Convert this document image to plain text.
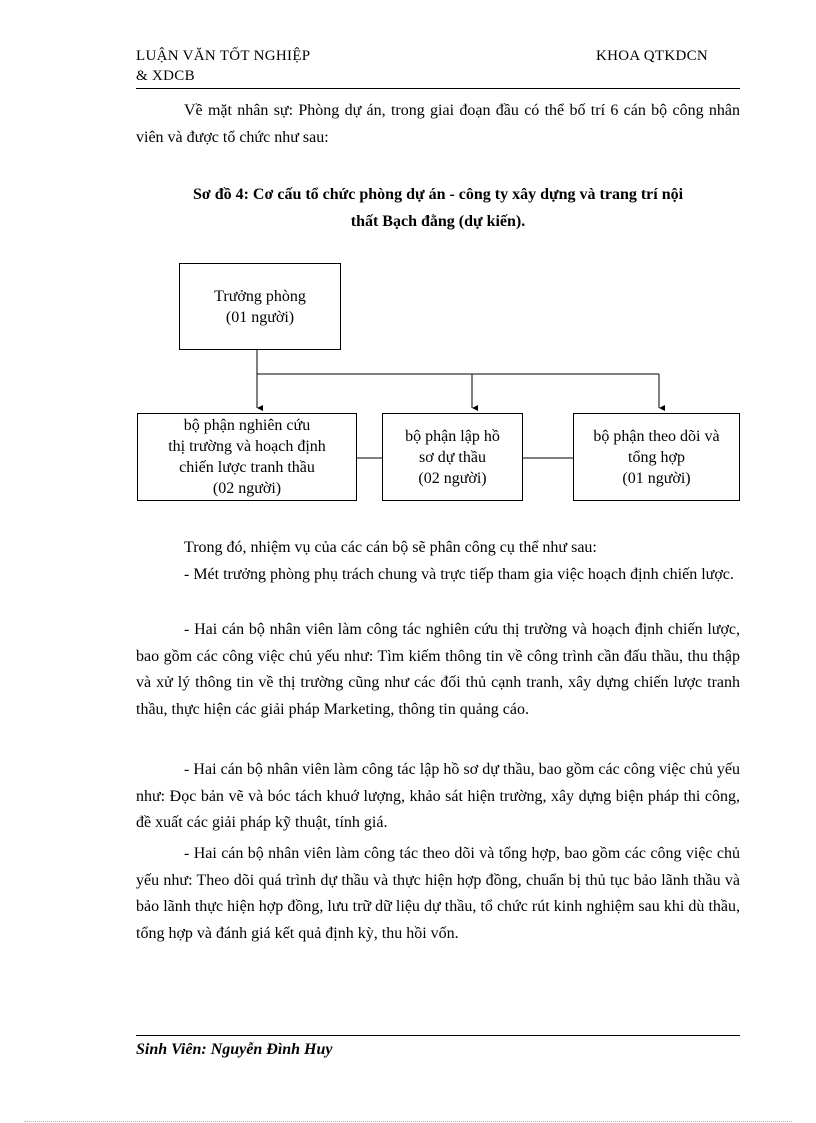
LUẬN VĂN TỐT NGHIỆP
& XDCB
KHOA QTKDCN
Về mặt nhân sự: Phòng dự án, trong giai đoạn đầu có thể bố trí 6 cán bộ công nhân viên và được tổ chức như sau:
Sơ đồ 4: Cơ cấu tổ chức phòng dự án - công ty xây dựng và trang trí nội
thất Bạch đằng (dự kiến).
Trưởng phòng
(01 người)
bộ phận nghiên cứu
thị trường và hoạch định
chiến lược tranh thầu
(02 người)
bộ phận lập hồ
sơ dự thầu
(02 người)
bộ phận theo dõi và
tổng hợp
(01 người)
Trong đó, nhiệm vụ của các cán bộ sẽ phân công cụ thể như sau:
- Mét trưởng phòng phụ trách chung và trực tiếp tham gia việc hoạch định chiến lược.
- Hai cán bộ nhân viên làm công tác nghiên cứu thị trường và hoạch định chiến lược, bao gồm các công việc chủ yếu như: Tìm kiếm thông tin về công trình cần đấu thầu, thu thập và xử lý thông tin về thị trường cũng như các đối thủ cạnh tranh, xây dựng chiến lược tranh thầu, thực hiện các giải pháp Marketing, thông tin quảng cáo.
- Hai cán bộ nhân viên làm công tác lập hồ sơ dự thầu, bao gồm các công việc chủ yếu như: Đọc bản vẽ và bóc tách khuớ lượng, khảo sát hiện trường, xây dựng biện pháp thi công, đề xuất các giải pháp kỹ thuật, tính giá.
- Hai cán bộ nhân viên làm công tác theo dõi và tổng hợp, bao gồm các công việc chủ yếu như: Theo dõi quá trình dự thầu và thực hiện hợp đồng, chuẩn bị thủ tục bảo lãnh thầu và bảo lãnh thực hiện hợp đồng, lưu trữ dữ liệu dự thầu, tổ chức rút kinh nghiệm sau khi dù thầu, tổng hợp và đánh giá kết quả định kỳ, thu hồi vốn.
Sinh Viên: Nguyễn Đình Huy
